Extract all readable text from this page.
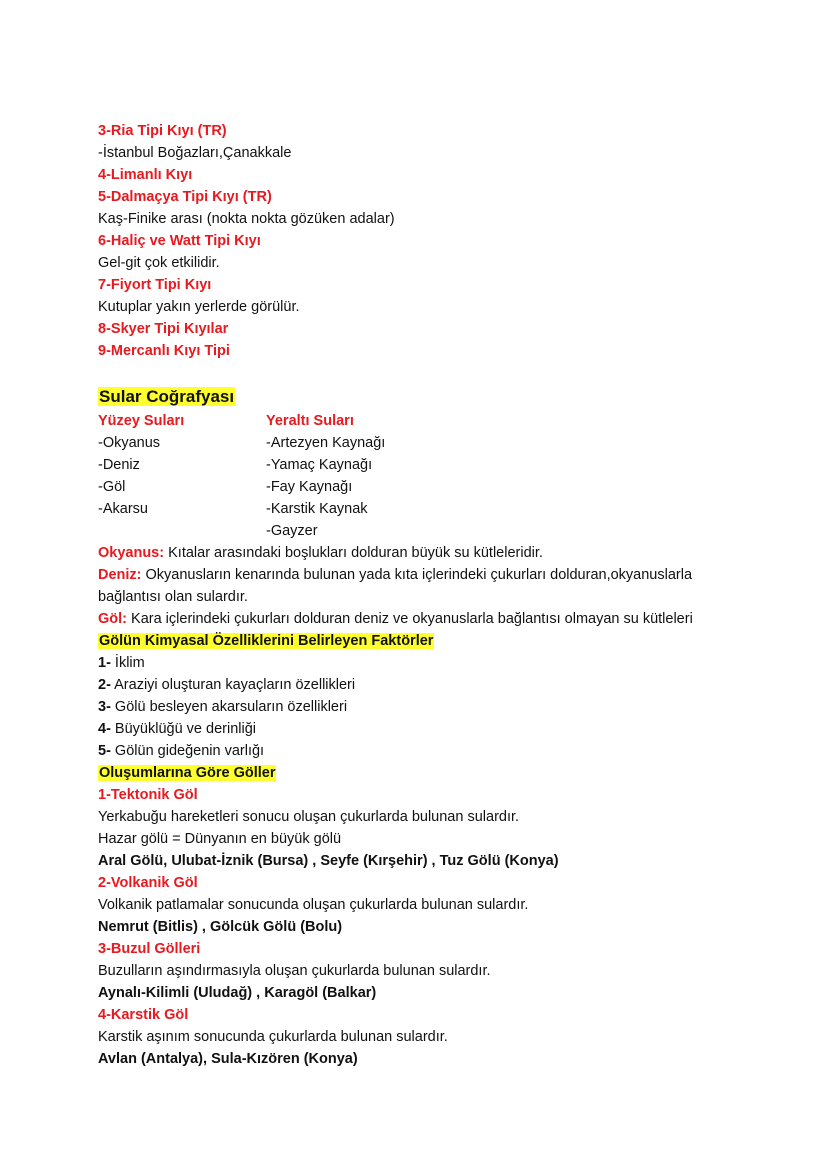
3-Ria Tipi Kıyı (TR)
-İstanbul Boğazları,Çanakkale
4-Limanlı Kıyı
5-Dalmaçya Tipi Kıyı (TR)
Kaş-Finike arası (nokta nokta gözüken adalar)
6-Haliç ve Watt Tipi Kıyı
Gel-git çok etkilidir.
7-Fiyort Tipi Kıyı
Kutuplar yakın yerlerde görülür.
8-Skyer Tipi Kıyılar
9-Mercanlı Kıyı Tipi
Sular Coğrafyası
Yüzey Suları	Yeraltı Suları
-Okyanus
-Deniz
-Göl
-Akarsu
-Artezyen Kaynağı
-Yamaç Kaynağı
-Fay Kaynağı
-Karstik Kaynak
-Gayzer
Okyanus: Kıtalar arasındaki boşlukları dolduran büyük su kütleleridir.
Deniz: Okyanusların kenarında bulunan yada kıta içlerindeki çukurları dolduran,okyanuslarla
bağlantısı olan sulardır.
Göl: Kara içlerindeki çukurları dolduran deniz ve okyanuslarla bağlantısı olmayan su kütleleri
Gölün Kimyasal Özelliklerini Belirleyen Faktörler
1- İklim
2- Araziyi oluşturan kayaçların özellikleri
3- Gölü besleyen akarsuların özellikleri
4- Büyüklüğü ve derinliği
5- Gölün gideğenin varlığı
Oluşumlarına Göre Göller
1-Tektonik Göl
Yerkabuğu hareketleri sonucu oluşan çukurlarda bulunan sulardır.
Hazar gölü = Dünyanın en büyük gölü
Aral Gölü, Ulubat-İznik (Bursa) , Seyfe (Kırşehir) , Tuz Gölü (Konya)
2-Volkanik Göl
Volkanik patlamalar sonucunda oluşan çukurlarda bulunan sulardır.
Nemrut (Bitlis) , Gölcük Gölü (Bolu)
3-Buzul Gölleri
Buzulların aşındırmasıyla oluşan çukurlarda bulunan sulardır.
Aynalı-Kilimli (Uludağ) , Karagöl (Balkar)
4-Karstik Göl
Karstik aşınım sonucunda çukurlarda bulunan sulardır.
Avlan (Antalya), Sula-Kızören (Konya)
